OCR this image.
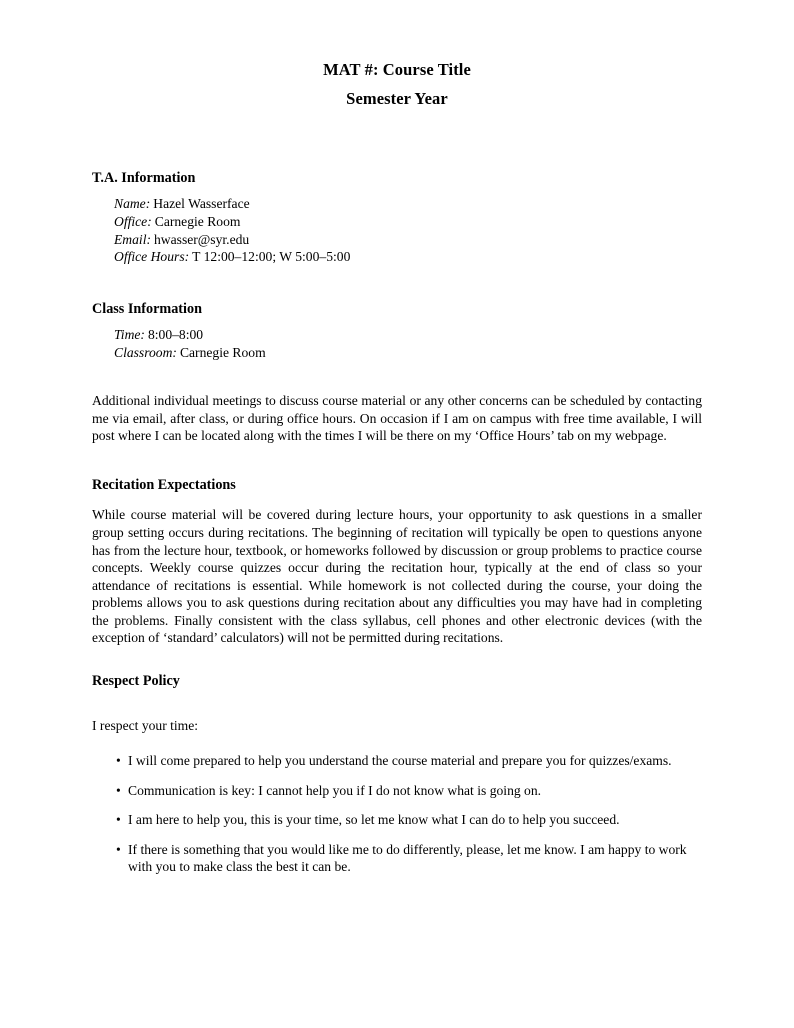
MAT #: Course Title
Semester Year
T.A. Information
Name: Hazel Wasserface
Office: Carnegie Room
Email: hwasser@syr.edu
Office Hours: T 12:00–12:00; W 5:00–5:00
Class Information
Time: 8:00–8:00
Classroom: Carnegie Room

Additional individual meetings to discuss course material or any other concerns can be scheduled by contacting me via email, after class, or during office hours. On occasion if I am on campus with free time available, I will post where I can be located along with the times I will be there on my ‘Office Hours’ tab on my webpage.

Recitation Expectations

While course material will be covered during lecture hours, your opportunity to ask questions in a smaller group setting occurs during recitations. The beginning of recitation will typically be open to questions anyone has from the lecture hour, textbook, or homeworks followed by discussion or group problems to practice course concepts. Weekly course quizzes occur during the recitation hour, typically at the end of class so your attendance of recitations is essential. While homework is not collected during the course, your doing the problems allows you to ask questions during recitation about any difficulties you may have had in completing the problems. Finally consistent with the class syllabus, cell phones and other electronic devices (with the exception of ‘standard’ calculators) will not be permitted during recitations.

Respect Policy

I respect your time:

• I will come prepared to help you understand the course material and prepare you for quizzes/exams.
• Communication is key: I cannot help you if I do not know what is going on.
• I am here to help you, this is your time, so let me know what I can do to help you succeed.
• If there is something that you would like me to do differently, please, let me know. I am happy to work with you to make class the best it can be.
